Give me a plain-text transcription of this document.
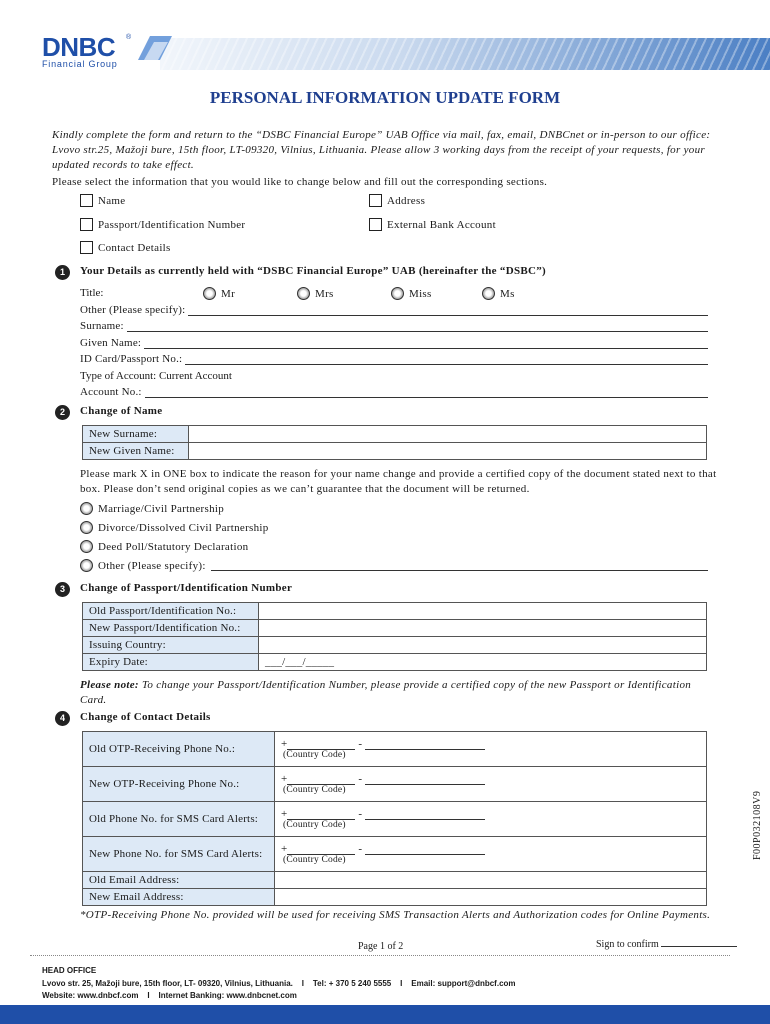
DNBC ®
Financial Group
PERSONAL INFORMATION UPDATE FORM
Kindly complete the form and return to the “DSBC Financial Europe” UAB Office via mail, fax, email, DNBCnet or in-person to our office: Lvovo str.25, Mažoji bure, 15th floor, LT-09320, Vilnius, Lithuania. Please allow 3 working days from the receipt of your requests, for your updated records to take effect.
Please select the information that you would like to change below and fill out the corresponding sections.
Name	Address
Passport/Identification Number	External Bank Account
Contact Details
1	Your Details as currently held with “DSBC Financial Europe” UAB (hereinafter the “DSBC”)
Title:	Mr	Mrs	Miss	Ms
Other (Please specify):
Surname:
Given Name:
ID Card/Passport No.:
Type of Account: Current Account
Account No.:
2	Change of Name
New Surname:	
New Given Name:	
Please mark X in ONE box to indicate the reason for your name change and provide a certified copy of the document stated next to that box. Please don’t send original copies as we can’t guarantee that the document will be returned.
Marriage/Civil Partnership
Divorce/Dissolved Civil Partnership
Deed Poll/Statutory Declaration
Other (Please specify):
3	Change of Passport/Identification Number
Old Passport/Identification No.:	
New Passport/Identification No.:	
Issuing Country:	
Expiry Date:	___/___/_____
Please note: To change your Passport/Identification Number, please provide a certified copy of the new Passport or Identification Card.
4	Change of Contact Details
Old OTP-Receiving Phone No.:	+
-

(Country Code)

New OTP-Receiving Phone No.:	+
-

(Country Code)

Old Phone No. for SMS Card Alerts:	+
-

(Country Code)

New Phone No. for SMS Card Alerts:	+
-

(Country Code)

Old Email Address:	
New Email Address:	
*OTP-Receiving Phone No. provided will be used for receiving SMS Transaction Alerts and Authorization codes for Online Payments.
Page 1 of 2	Sign to confirm
F00P032108V9
HEAD OFFICE
Lvovo str. 25, Mažoji bure, 15th floor, LT- 09320, Vilnius, Lithuania. I Tel: + 370 5 240 5555 I Email: support@dnbcf.com
Website: www.dnbcf.com I Internet Banking: www.dnbcnet.com
